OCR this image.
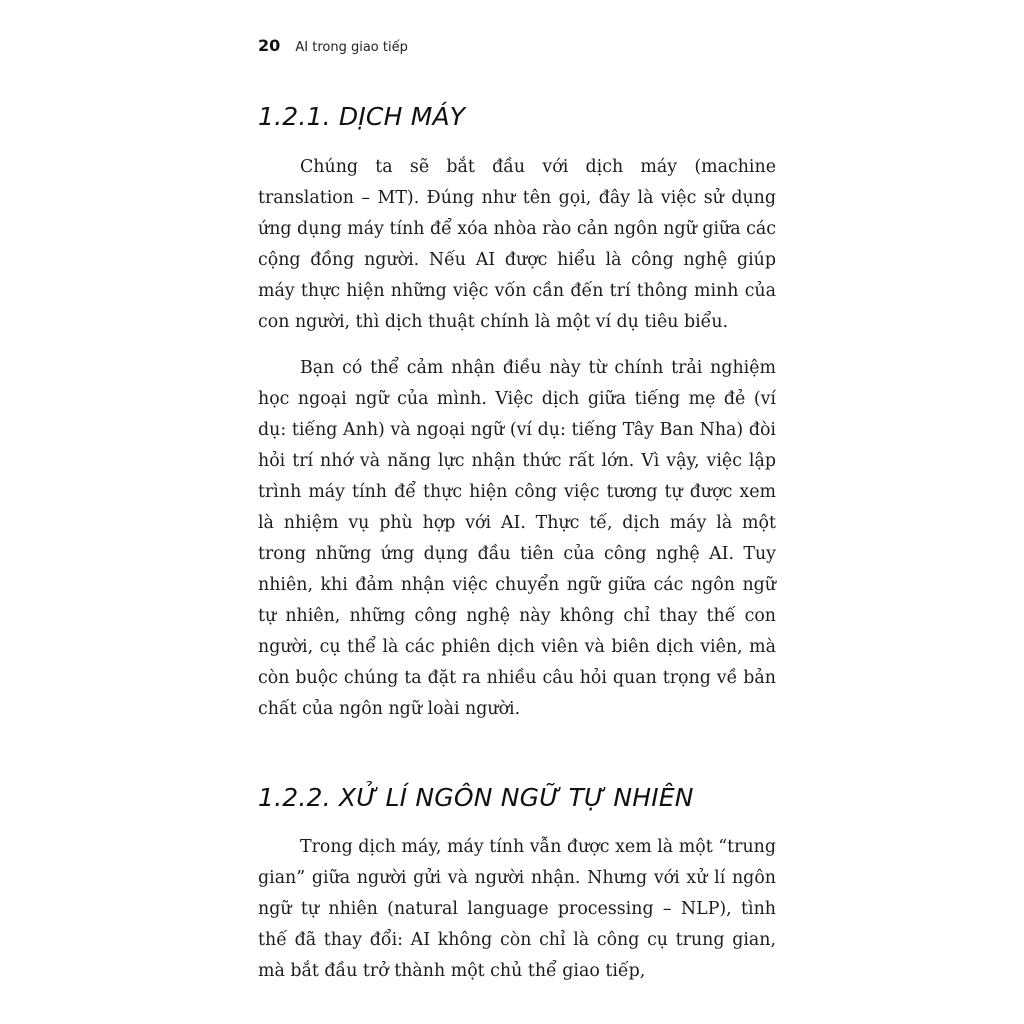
20 AI trong giao tiếp
1.2.1. DỊCH MÁY

Chúng ta sẽ bắt đầu với dịch máy (machine translation – MT). Đúng như tên gọi, đây là việc sử dụng ứng dụng máy tính để xóa nhòa rào cản ngôn ngữ giữa các cộng đồng người. Nếu AI được hiểu là công nghệ giúp máy thực hiện những việc vốn cần đến trí thông minh của con người, thì dịch thuật chính là một ví dụ tiêu biểu.

Bạn có thể cảm nhận điều này từ chính trải nghiệm học ngoại ngữ của mình. Việc dịch giữa tiếng mẹ đẻ (ví dụ: tiếng Anh) và ngoại ngữ (ví dụ: tiếng Tây Ban Nha) đòi hỏi trí nhớ và năng lực nhận thức rất lớn. Vì vậy, việc lập trình máy tính để thực hiện công việc tương tự được xem là nhiệm vụ phù hợp với AI. Thực tế, dịch máy là một trong những ứng dụng đầu tiên của công nghệ AI. Tuy nhiên, khi đảm nhận việc chuyển ngữ giữa các ngôn ngữ tự nhiên, những công nghệ này không chỉ thay thế con người, cụ thể là các phiên dịch viên và biên dịch viên, mà còn buộc chúng ta đặt ra nhiều câu hỏi quan trọng về bản chất của ngôn ngữ loài người.

1.2.2. XỬ LÍ NGÔN NGỮ TỰ NHIÊN

Trong dịch máy, máy tính vẫn được xem là một “trung gian” giữa người gửi và người nhận. Nhưng với xử lí ngôn ngữ tự nhiên (natural language processing – NLP), tình thế đã thay đổi: AI không còn chỉ là công cụ trung gian, mà bắt đầu trở thành một chủ thể giao tiếp,
